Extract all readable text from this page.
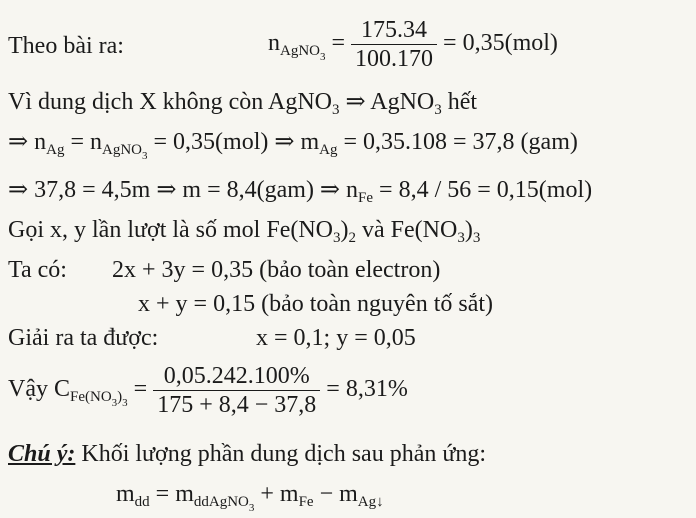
Theo bài ra:	$n_{AgNO_3} = \frac{175.34}{100.170} = 0,35(mol)$
Vì dung dịch X không còn AgNO$_3$ ⇒ AgNO$_3$ hết
⇒ $n_{Ag} = n_{AgNO_3} = 0,35(mol)$ ⇒ $m_{Ag} = 0,35.108 = 37,8$ (gam)
⇒ 37,8 = 4,5m ⇒ m = 8,4(gam) ⇒ $n_{Fe} = 8,4 / 56 = 0,15(mol)$
Gọi x, y lần lượt là số mol $Fe(NO_3)_2$ và $Fe(NO_3)_3$
Ta có: 2x + 3y = 0,35 (bảo toàn electron)
x + y = 0,15 (bảo toàn nguyên tố sắt)
Giải ra ta được:	x = 0,1; y = 0,05
Vậy $C_{Fe(NO_3)_3} = \frac{0,05.242.100\%}{175 + 8,4 - 37,8} = 8,31\%$
Chú ý: Khối lượng phần dung dịch sau phản ứng:
$m_{dd} = m_{ddAgNO_3} + m_{Fe} - m_{Ag↓}$
